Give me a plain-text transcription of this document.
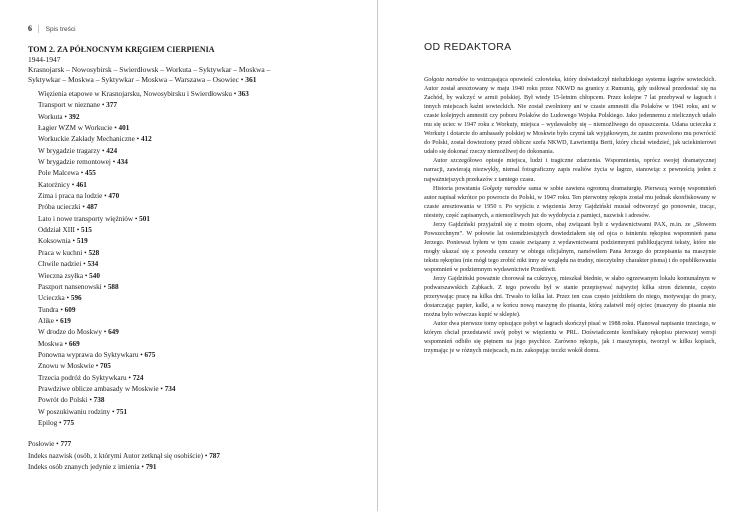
6 | Spis treści
TOM 2. ZA PÓŁNOCNYM KRĘGIEM CIERPIENIA
1944-1947
Krasnojarsk – Nowosybirsk – Swierdłowsk – Workuta – Syktywkar – Moskwa –
Syktywkar – Moskwa – Syktywkar – Moskwa – Warszawa – Osowiec • 361
Więzienia etapowe w Krasnojarsku, Nowosybirsku i Swierdłowsku • 363
Transport w nieznane • 377
Workuta • 392
Łagier WZM w Workucie • 401
Workuckie Zakłady Mechaniczne • 412
W brygadzie tragarzy • 424
W brygadzie remontowej • 434
Pole Malcewa • 455
Katorżnicy • 461
Zima i praca na lodzie • 470
Próba ucieczki • 487
Lato i nowe transporty więźniów • 501
Oddział XIII • 515
Koksownia • 519
Praca w kuchni • 528
Chwile nadziei • 534
Wieczna zsyłka • 540
Paszport nansenowski • 588
Ucieczka • 596
Tundra • 609
Alike • 619
W drodze do Moskwy • 649
Moskwa • 669
Ponowna wyprawa do Syktywkaru • 675
Znowu w Moskwie • 705
Trzecia podróż do Syktywkaru • 724
Prawdziwe oblicze ambasady w Moskwie • 734
Powrót do Polski • 738
W poszukiwaniu rodziny • 751
Epilog • 775
Posłowie • 777
Indeks nazwisk (osób, z którymi Autor zetknął się osobiście) • 787
Indeks osób znanych jedynie z imienia • 791
OD REDAKTORA

Gołgota narodów to wstrząsająca opowieść człowieka, który doświadczył nieludzkiego systemu łagrów sowieckich. Autor został aresztowany w maju 1940 roku przez NKWD na granicy z Rumunią, gdy usiłował przedostać się na Zachód, by walczyć w armii polskiej. Był wtedy 15-letnim chłopcem. Przez kolejne 7 lat przebywał w łagrach i innych miejscach kaźni sowieckich. Nie został zwolniony ani w czasie amnestii dla Polaków w 1941 roku, ani w czasie kolejnych amnestii czy poboru Polaków do Ludowego Wojska Polskiego. Jako jedennemu z nielicznych udało mu się uciec w 1947 roku z Workuty, miejsca – wydawałoby się – niemożliwego do opuszczenia. Udana ucieczka z Workuty i dotarcie do ambasady polskiej w Moskwie było czymś tak wyjątkowym, że zanim pozwolono mu powrócić do Polski, został dowieziony przed oblicze szefa NKWD, Ławrientija Berii, który chciał wiedzieć, jak uciekinierowi udało się dokonać rzeczy niemożliwej do dokonania.

Autor szczegółowo opisuje miejsca, ludzi i tragiczne zdarzenia. Wspomnienia, oprócz swojej dramatycznej narracji, zawierają niezwykły, niemal fotograficzny zapis realiów życia w łagrze, stanowiąc z pewnością jeden z najważniejszych przekazów z tamtego czasu.

Historia powstania Gołgoty narodów sama w sobie zawiera ogromną dramaturgię. Pierwszą wersję wspomnień autor napisał wkrótce po powrocie do Polski, w 1947 roku. Ten pierwotny rękopis został mu jednak skonfiskowany w czasie aresztowania w 1950 r. Po wyjściu z więzienia Jerzy Gajdziński musiał odtworzyć go ponownie, tracąc, niestety, część zapisanych, a niemożliwych już do wydobycia z pamięci, nazwisk i adresów.

Jerzy Gajdziński przyjaźnił się z moim ojcem, obaj związani byli z wydawnictwami PAX, m.in. ze „Słowem Powszechnym”. W połowie lat osiemdziesiątych dowiedziałem się od ojca o istnieniu rękopisu wspomnień pana Jerzego. Ponieważ byłem w tym czasie związany z wydawnictwami podziemnymi publikującymi teksty, które nie mogły ukazać się z powodu cenzury w obiegu oficjalnym, namówiłem Pana Jerzego do przepisania na maszynie tekstu rękopisu (nie mógł tego zrobić nikt inny ze względu na trudny, nieczytelny charakter pisma) i do opublikowania wspomnień w podziemnym wydawnictwie Przedświt.

Jerzy Gajdziński poważnie chorował na cukrzycę, mieszkał biednie, w słabo ogrzewanym lokalu komunalnym w podwarszawskich Ząbkach. Z tego powodu był w stanie przepisywać najwyżej kilka stron dziennie, często przerywając pracę na kilka dni. Trwało to kilka lat. Przez ten czas często jeździłem do niego, motywując do pracy, dostarczając papier, kalki, a w końcu nową maszynę do pisania, którą załatwił mój ojciec (maszyny do pisania nie można było wówczas kupić w sklepie).

Autor dwa pierwsze tomy opisujące pobyt w łagrach skończył pisać w 1988 roku. Planował napisanie trzeciego, w którym chciał przedstawić swój pobyt w więzieniu w PRL. Doświadczenie konfiskaty rękopisu pierwszej wersji wspomnień odbiło się piętnem na jego psychice. Zarówno rękopis, jak i maszynopis, tworzył w kilku kopiach, trzymając je w różnych miejscach, m.in. zakopując teczki wokół domu.
